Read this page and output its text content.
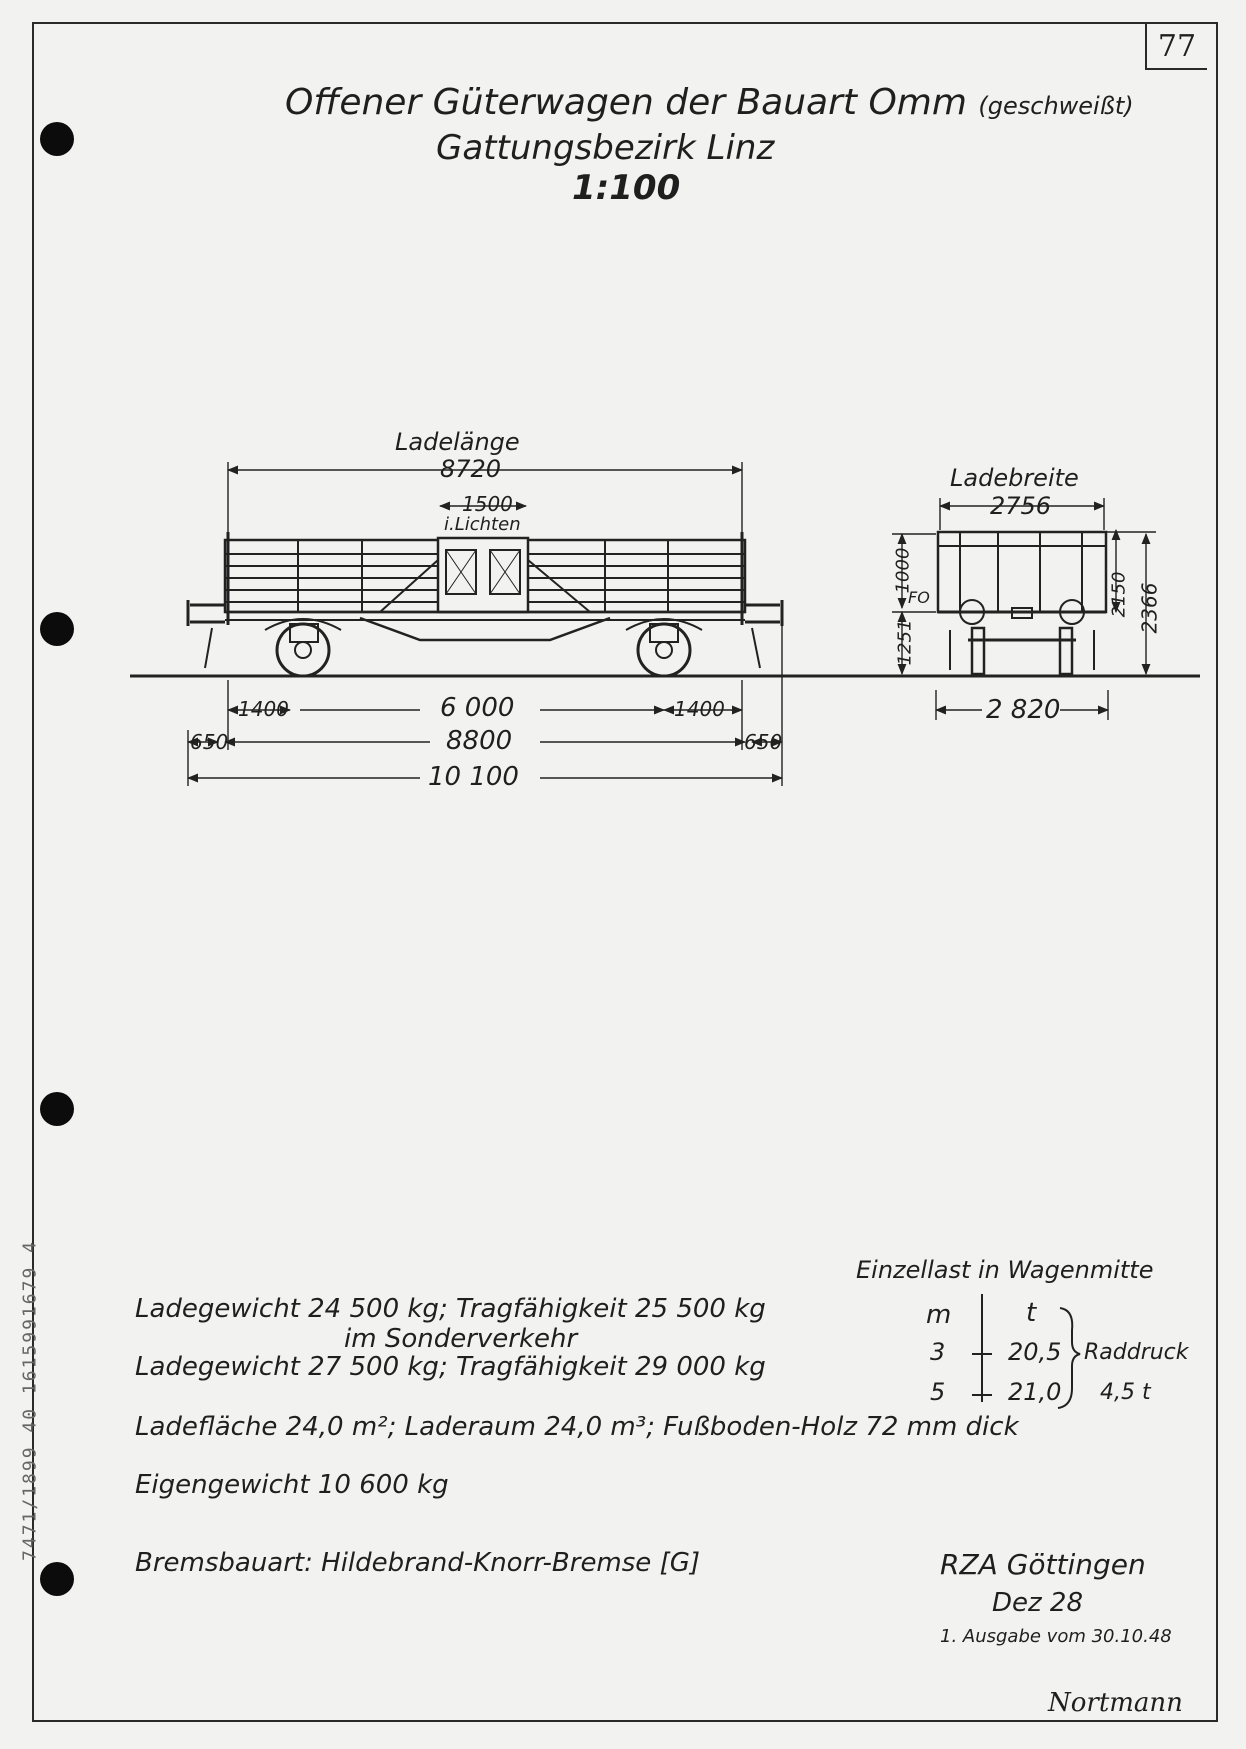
77
7471/1899 40 1615991679 4
Offener Güterwagen der Bauart Omm (geschweißt)
Gattungsbezirk Linz
1:100
Ladelänge
8720
1500
i.Lichten
1400	6 000	1400
650	8800	650
10 100
Ladebreite
2756
1000
FO
1251
2150 2366
2 820
Ladegewicht 24 500 kg; Tragfähigkeit 25 500 kg
im Sonderverkehr
Ladegewicht 27 500 kg; Tragfähigkeit 29 000 kg
Ladefläche 24,0 m²; Laderaum 24,0 m³; Fußboden-Holz 72 mm dick
Eigengewicht 10 600 kg
Bremsbauart: Hildebrand-Knorr-Bremse [G]
Einzellast in Wagenmitte
m	t
3	20,5
5	21,0
Raddruck
4,5 t
RZA Göttingen
Dez 28
1. Ausgabe vom 30.10.48
Nortmann
